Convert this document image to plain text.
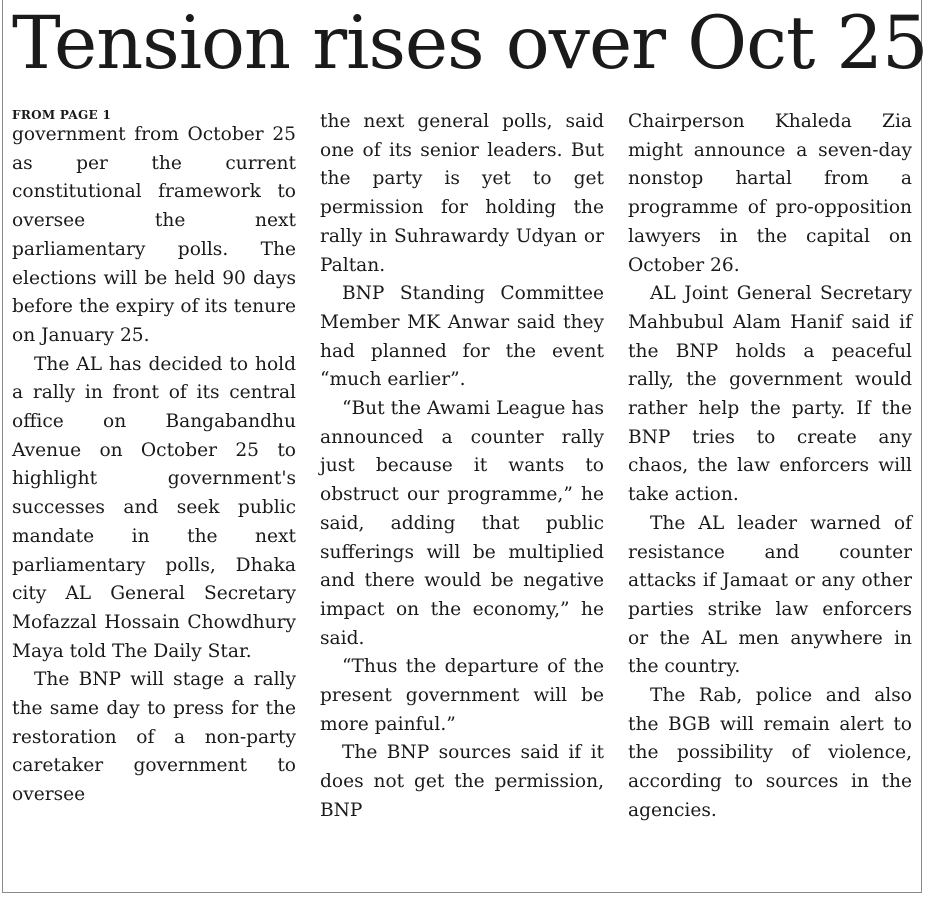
Tension rises over Oct 25
FROM PAGE 1

government from October 25 as per the current constitutional framework to oversee the next parliamentary polls. The elections will be held 90 days before the expiry of its tenure on January 25.

The AL has decided to hold a rally in front of its central office on Bangabandhu Avenue on October 25 to highlight government's successes and seek public mandate in the next parliamentary polls, Dhaka city AL General Secretary Mofazzal Hossain Chowdhury Maya told The Daily Star.

The BNP will stage a rally the same day to press for the restoration of a non-party caretaker government to oversee

the next general polls, said one of its senior leaders. But the party is yet to get permission for holding the rally in Suhrawardy Udyan or Paltan.

BNP Standing Committee Member MK Anwar said they had planned for the event “much earlier”.

“But the Awami League has announced a counter rally just because it wants to obstruct our programme,” he said, adding that public sufferings will be multiplied and there would be negative impact on the economy,” he said.

“Thus the departure of the present government will be more painful.”

The BNP sources said if it does not get the permission, BNP

Chairperson Khaleda Zia might announce a seven-day nonstop hartal from a programme of pro-opposition lawyers in the capital on October 26.

AL Joint General Secretary Mahbubul Alam Hanif said if the BNP holds a peaceful rally, the government would rather help the party. If the BNP tries to create any chaos, the law enforcers will take action.

The AL leader warned of resistance and counter attacks if Jamaat or any other parties strike law enforcers or the AL men anywhere in the country.

The Rab, police and also the BGB will remain alert to the possibility of violence, according to sources in the agencies.
